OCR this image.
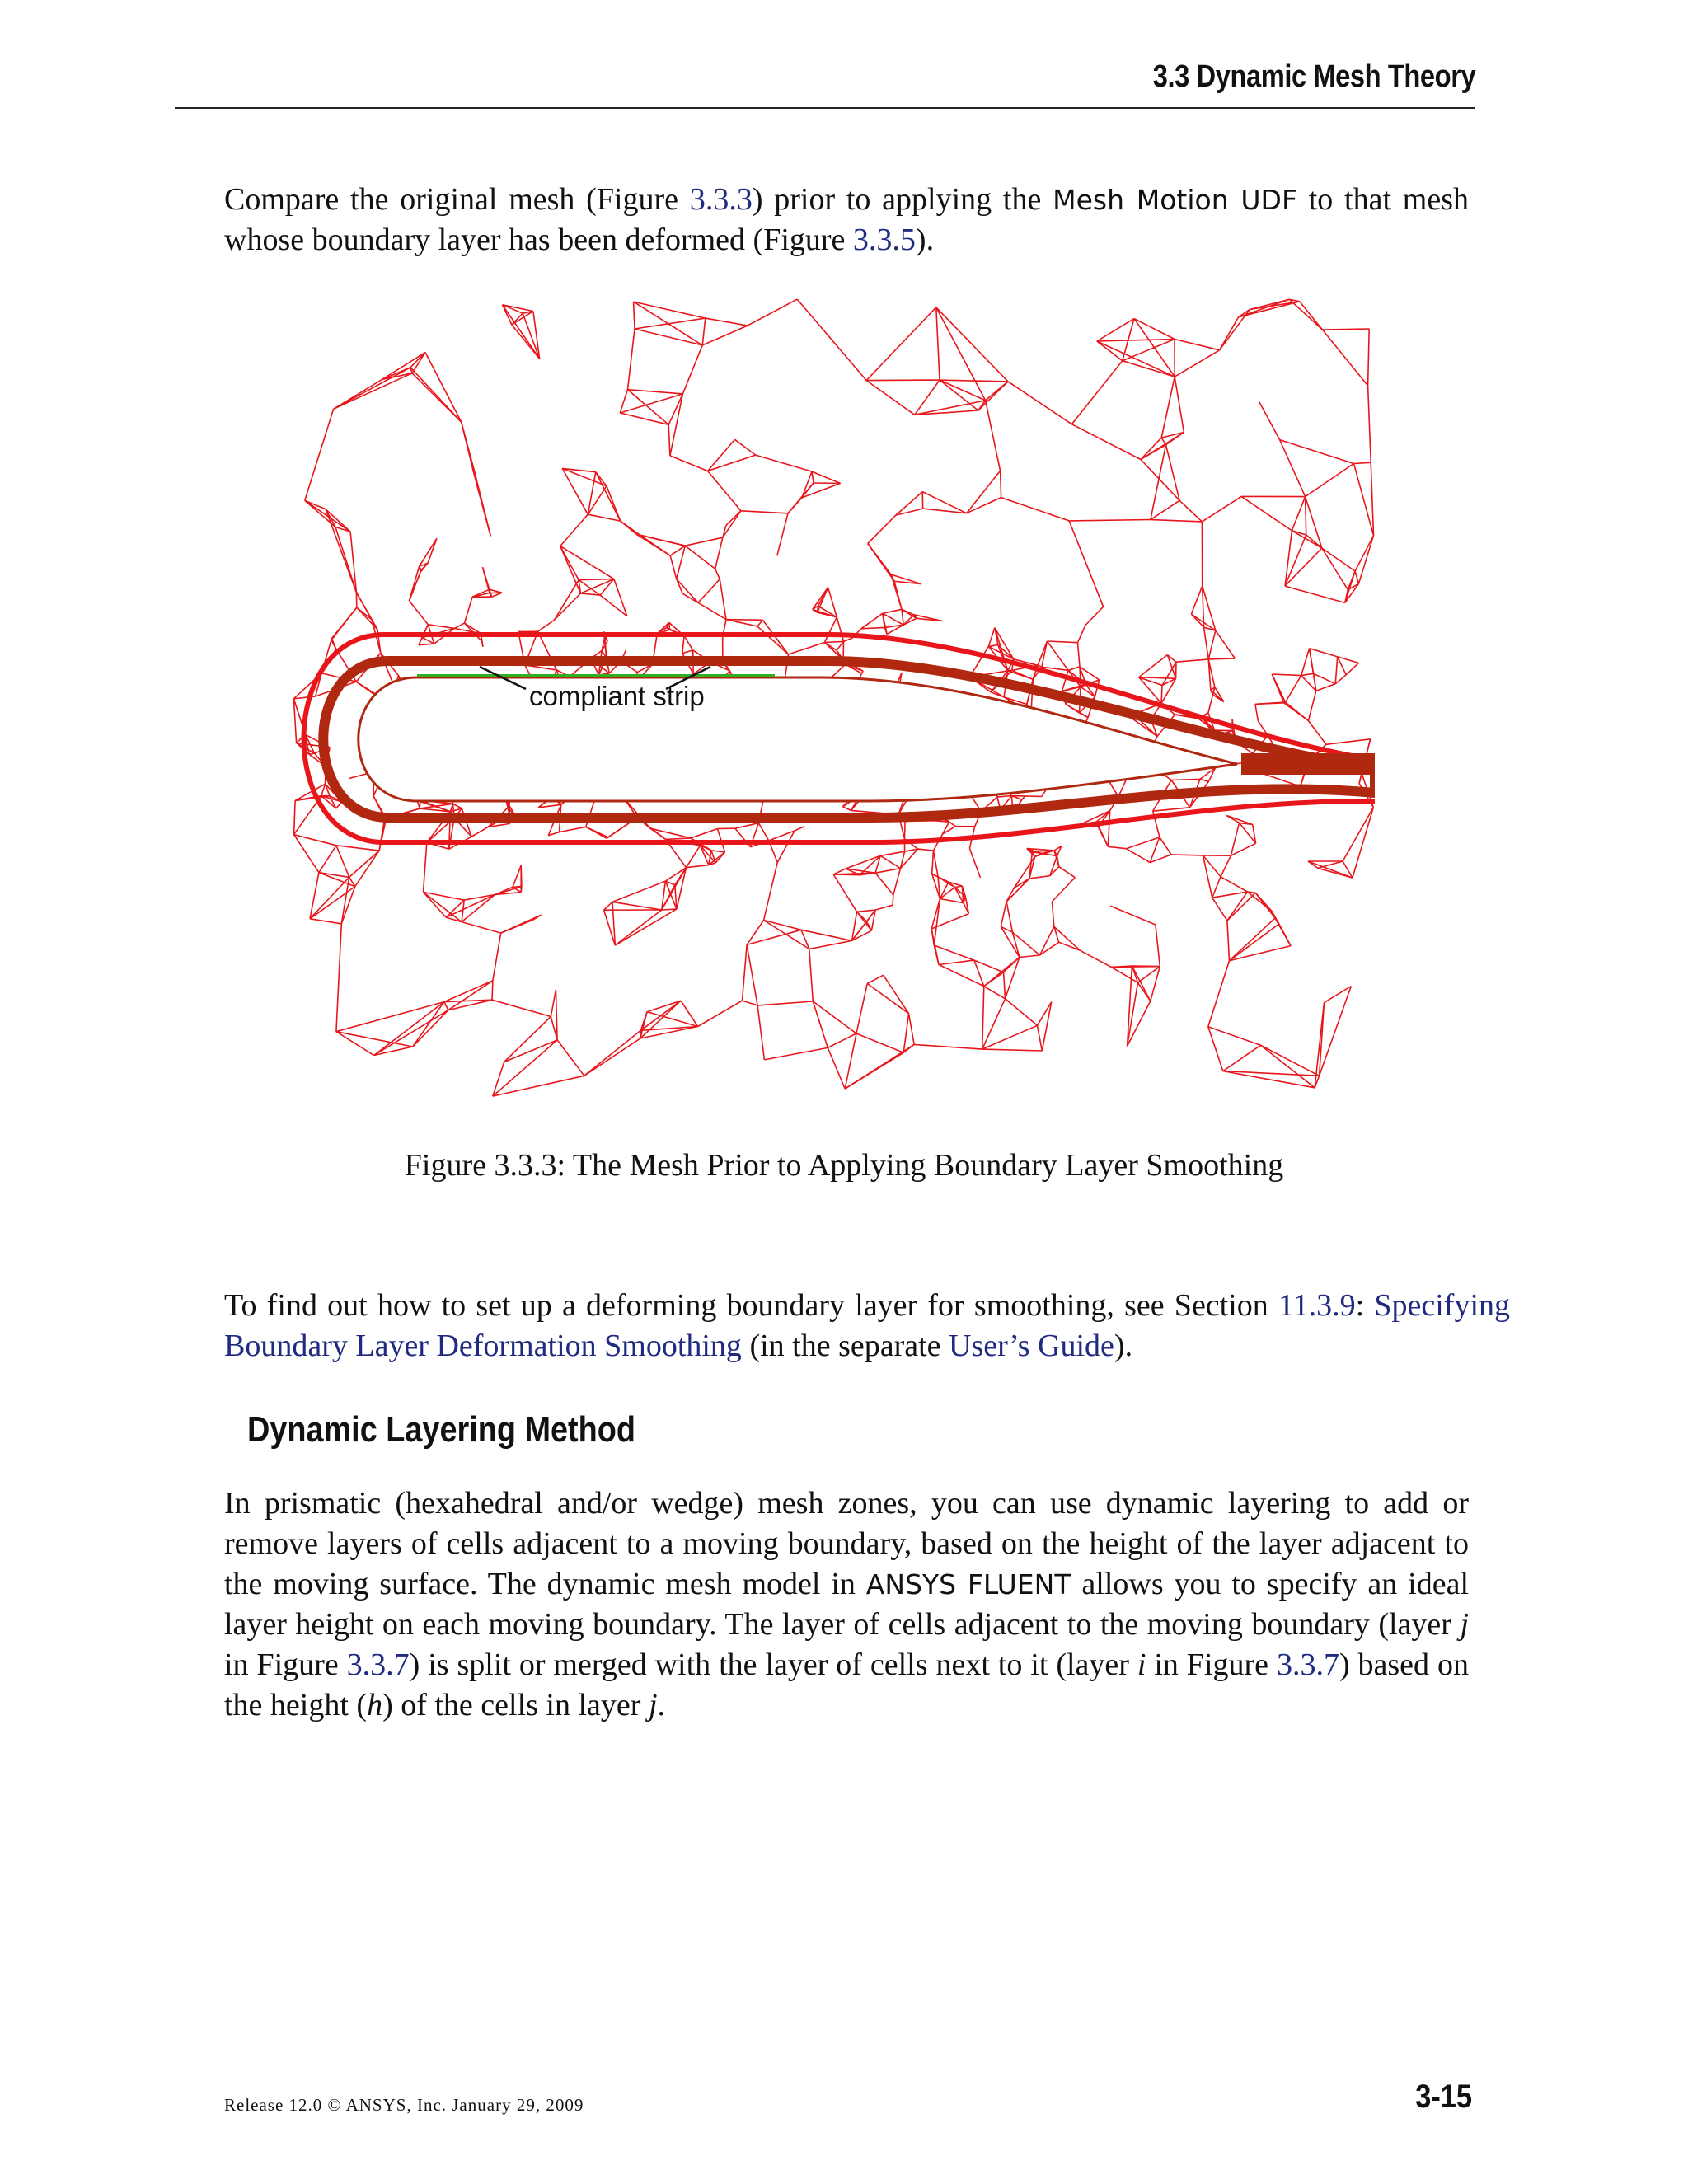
3.3 Dynamic Mesh Theory
Compare the original mesh (Figure 3.3.3) prior to applying the Mesh Motion UDF to that mesh whose boundary layer has been deformed (Figure 3.3.5).
compliant strip
Figure 3.3.3: The Mesh Prior to Applying Boundary Layer Smoothing
To find out how to set up a deforming boundary layer for smoothing, see Section 11.3.9: Specifying Boundary Layer Deformation Smoothing (in the separate User’s Guide).
Dynamic Layering Method
In prismatic (hexahedral and/or wedge) mesh zones, you can use dynamic layering to add or remove layers of cells adjacent to a moving boundary, based on the height of the layer adjacent to the moving surface. The dynamic mesh model in ANSYS FLUENT allows you to specify an ideal layer height on each moving boundary. The layer of cells adjacent to the moving boundary (layer j in Figure 3.3.7) is split or merged with the layer of cells next to it (layer i in Figure 3.3.7) based on the height (h) of the cells in layer j.
Release 12.0 © ANSYS, Inc. January 29, 2009	3-15
